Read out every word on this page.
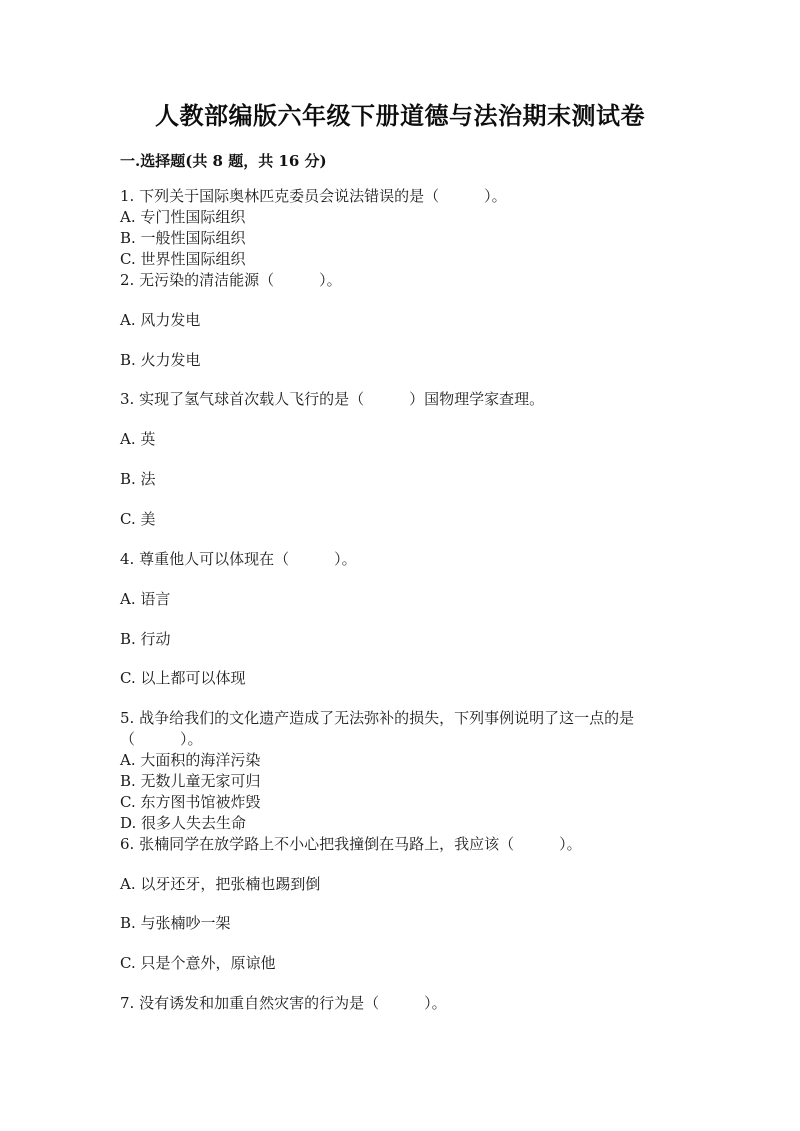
人教部编版六年级下册道德与法治期末测试卷
一.选择题(共 8 题，共 16 分)
1. 下列关于国际奥林匹克委员会说法错误的是（　　　）。
A. 专门性国际组织
B. 一般性国际组织
C. 世界性国际组织
2. 无污染的清洁能源（　　　）。
A. 风力发电
B. 火力发电
3. 实现了氢气球首次载人飞行的是（　　　）国物理学家查理。
A. 英
B. 法
C. 美
4. 尊重他人可以体现在（　　　）。
A. 语言
B. 行动
C. 以上都可以体现
5. 战争给我们的文化遗产造成了无法弥补的损失，下列事例说明了这一点的是
（　　　）。
A. 大面积的海洋污染
B. 无数儿童无家可归
C. 东方图书馆被炸毁
D. 很多人失去生命
6. 张楠同学在放学路上不小心把我撞倒在马路上，我应该（　　　）。
A. 以牙还牙，把张楠也踢到倒
B. 与张楠吵一架
C. 只是个意外，原谅他
7. 没有诱发和加重自然灾害的行为是（　　　）。
